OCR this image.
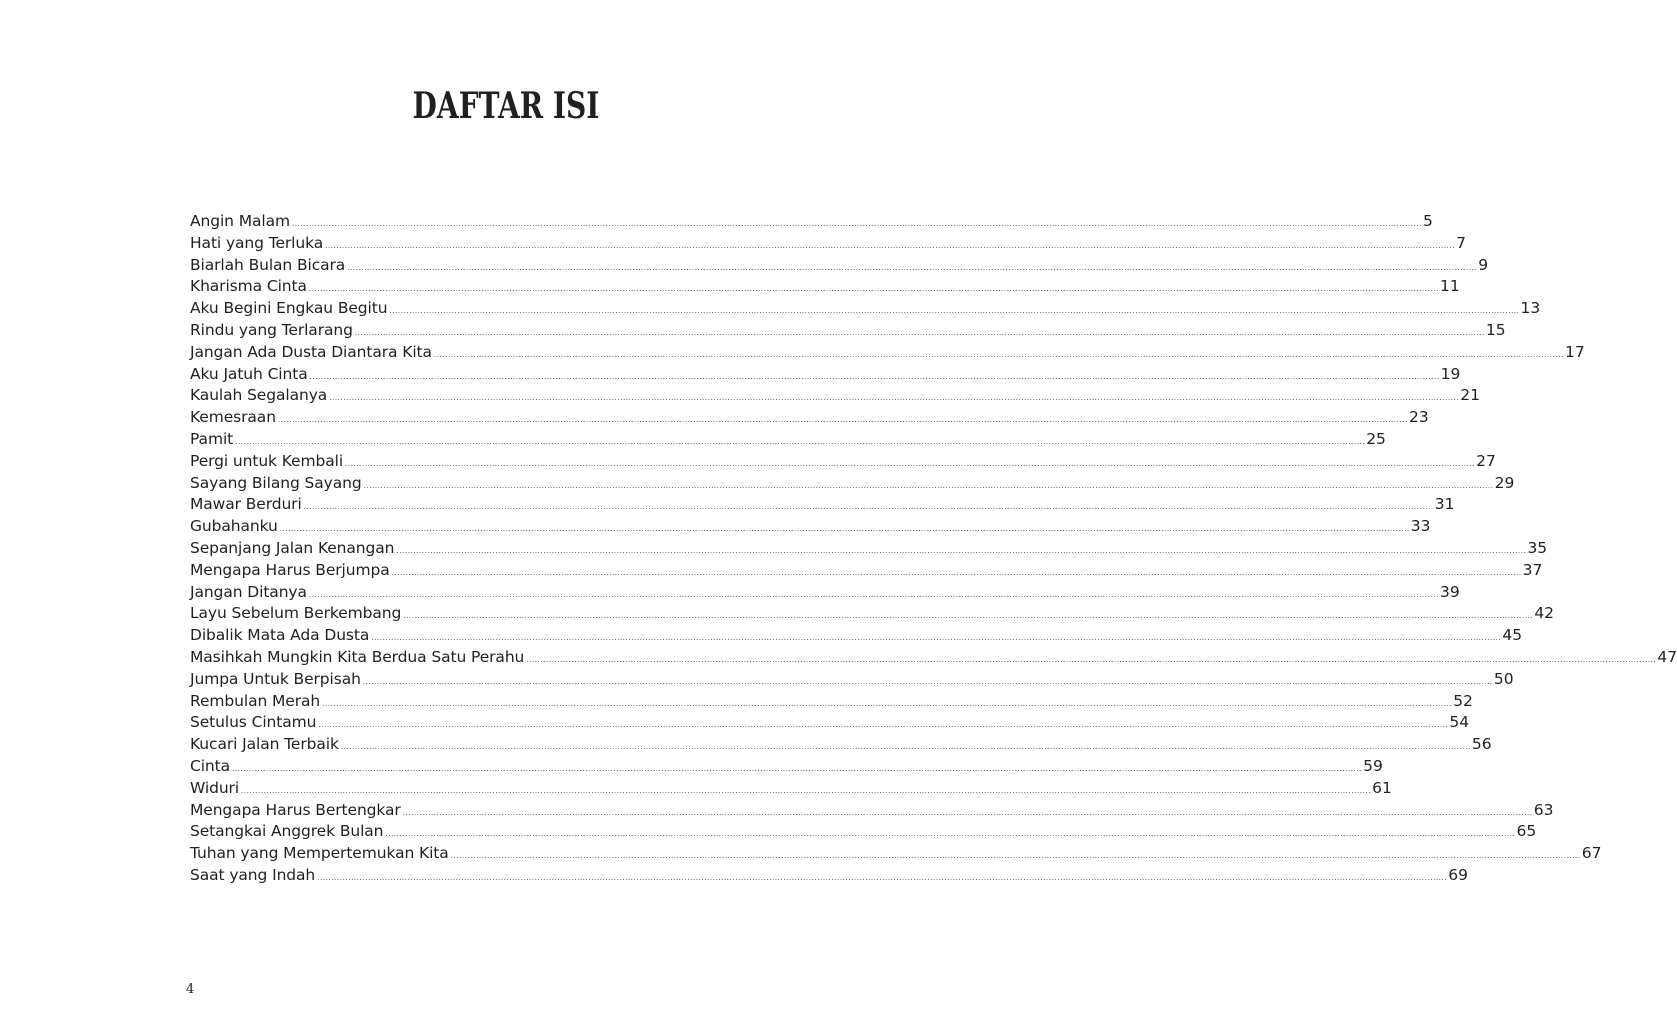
DAFTAR ISI
Angin Malam ................................................................................................................................................................................................................................................................................................................................................................................................................ 5
Hati yang Terluka ................................................................................................................................................................................................................................................................................................................................................................................................................ 7
Biarlah Bulan Bicara ................................................................................................................................................................................................................................................................................................................................................................................................................ 9
Kharisma Cinta ................................................................................................................................................................................................................................................................................................................................................................................................................ 11
Aku Begini Engkau Begitu ................................................................................................................................................................................................................................................................................................................................................................................................................ 13
Rindu yang Terlarang ................................................................................................................................................................................................................................................................................................................................................................................................................ 15
Jangan Ada Dusta Diantara Kita ................................................................................................................................................................................................................................................................................................................................................................................................................ 17
Aku Jatuh Cinta ................................................................................................................................................................................................................................................................................................................................................................................................................ 19
Kaulah Segalanya ................................................................................................................................................................................................................................................................................................................................................................................................................ 21
Kemesraan ................................................................................................................................................................................................................................................................................................................................................................................................................ 23
Pamit ................................................................................................................................................................................................................................................................................................................................................................................................................ 25
Pergi untuk Kembali ................................................................................................................................................................................................................................................................................................................................................................................................................ 27
Sayang Bilang Sayang ................................................................................................................................................................................................................................................................................................................................................................................................................ 29
Mawar Berduri ................................................................................................................................................................................................................................................................................................................................................................................................................ 31
Gubahanku ................................................................................................................................................................................................................................................................................................................................................................................................................ 33
Sepanjang Jalan Kenangan ................................................................................................................................................................................................................................................................................................................................................................................................................ 35
Mengapa Harus Berjumpa ................................................................................................................................................................................................................................................................................................................................................................................................................ 37
Jangan Ditanya ................................................................................................................................................................................................................................................................................................................................................................................................................ 39
Layu Sebelum Berkembang ................................................................................................................................................................................................................................................................................................................................................................................................................ 42
Dibalik Mata Ada Dusta ................................................................................................................................................................................................................................................................................................................................................................................................................ 45
Masihkah Mungkin Kita Berdua Satu Perahu ................................................................................................................................................................................................................................................................................................................................................................................................................ 47
Jumpa Untuk Berpisah ................................................................................................................................................................................................................................................................................................................................................................................................................ 50
Rembulan Merah ................................................................................................................................................................................................................................................................................................................................................................................................................ 52
Setulus Cintamu ................................................................................................................................................................................................................................................................................................................................................................................................................ 54
Kucari Jalan Terbaik ................................................................................................................................................................................................................................................................................................................................................................................................................ 56
Cinta ................................................................................................................................................................................................................................................................................................................................................................................................................ 59
Widuri ................................................................................................................................................................................................................................................................................................................................................................................................................ 61
Mengapa Harus Bertengkar ................................................................................................................................................................................................................................................................................................................................................................................................................ 63
Setangkai Anggrek Bulan ................................................................................................................................................................................................................................................................................................................................................................................................................ 65
Tuhan yang Mempertemukan Kita ................................................................................................................................................................................................................................................................................................................................................................................................................ 67
Saat yang Indah ................................................................................................................................................................................................................................................................................................................................................................................................................ 69
4
